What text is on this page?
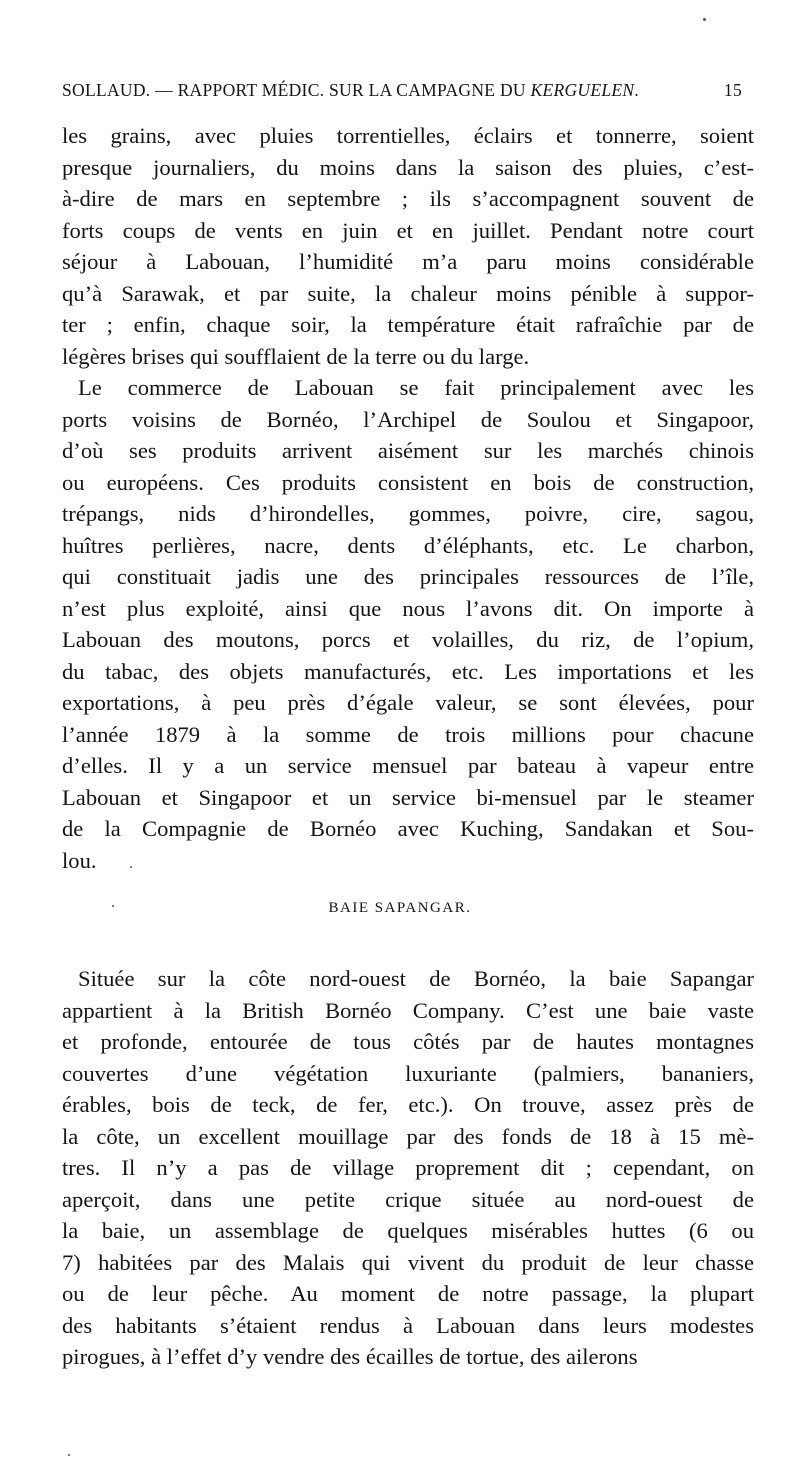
SOLLAUD. — RAPPORT MÉDIC. SUR LA CAMPAGNE DU KERGUELEN.	15
les grains, avec pluies torrentielles, éclairs et tonnerre, soient
presque journaliers, du moins dans la saison des pluies, c’est-
à-dire de mars en septembre ; ils s’accompagnent souvent de
forts coups de vents en juin et en juillet. Pendant notre court
séjour à Labouan, l’humidité m’a paru moins considérable
qu’à Sarawak, et par suite, la chaleur moins pénible à suppor-
ter ; enfin, chaque soir, la température était rafraîchie par de
légères brises qui soufflaient de la terre ou du large.
Le commerce de Labouan se fait principalement avec les
ports voisins de Bornéo, l’Archipel de Soulou et Singapoor,
d’où ses produits arrivent aisément sur les marchés chinois
ou européens. Ces produits consistent en bois de construction,
trépangs, nids d’hirondelles, gommes, poivre, cire, sagou,
huîtres perlières, nacre, dents d’éléphants, etc. Le charbon,
qui constituait jadis une des principales ressources de l’île,
n’est plus exploité, ainsi que nous l’avons dit. On importe à
Labouan des moutons, porcs et volailles, du riz, de l’opium,
du tabac, des objets manufacturés, etc. Les importations et les
exportations, à peu près d’égale valeur, se sont élevées, pour
l’année 1879 à la somme de trois millions pour chacune
d’elles. Il y a un service mensuel par bateau à vapeur entre
Labouan et Singapoor et un service bi-mensuel par le steamer
de la Compagnie de Bornéo avec Kuching, Sandakan et Sou-
lou.
BAIE SAPANGAR.
Située sur la côte nord-ouest de Bornéo, la baie Sapangar
appartient à la British Bornéo Company. C’est une baie vaste
et profonde, entourée de tous côtés par de hautes montagnes
couvertes d’une végétation luxuriante (palmiers, bananiers,
érables, bois de teck, de fer, etc.). On trouve, assez près de
la côte, un excellent mouillage par des fonds de 18 à 15 mè-
tres. Il n’y a pas de village proprement dit ; cependant, on
aperçoit, dans une petite crique située au nord-ouest de
la baie, un assemblage de quelques misérables huttes (6 ou
7) habitées par des Malais qui vivent du produit de leur chasse
ou de leur pêche. Au moment de notre passage, la plupart
des habitants s’étaient rendus à Labouan dans leurs modestes
pirogues, à l’effet d’y vendre des écailles de tortue, des ailerons
